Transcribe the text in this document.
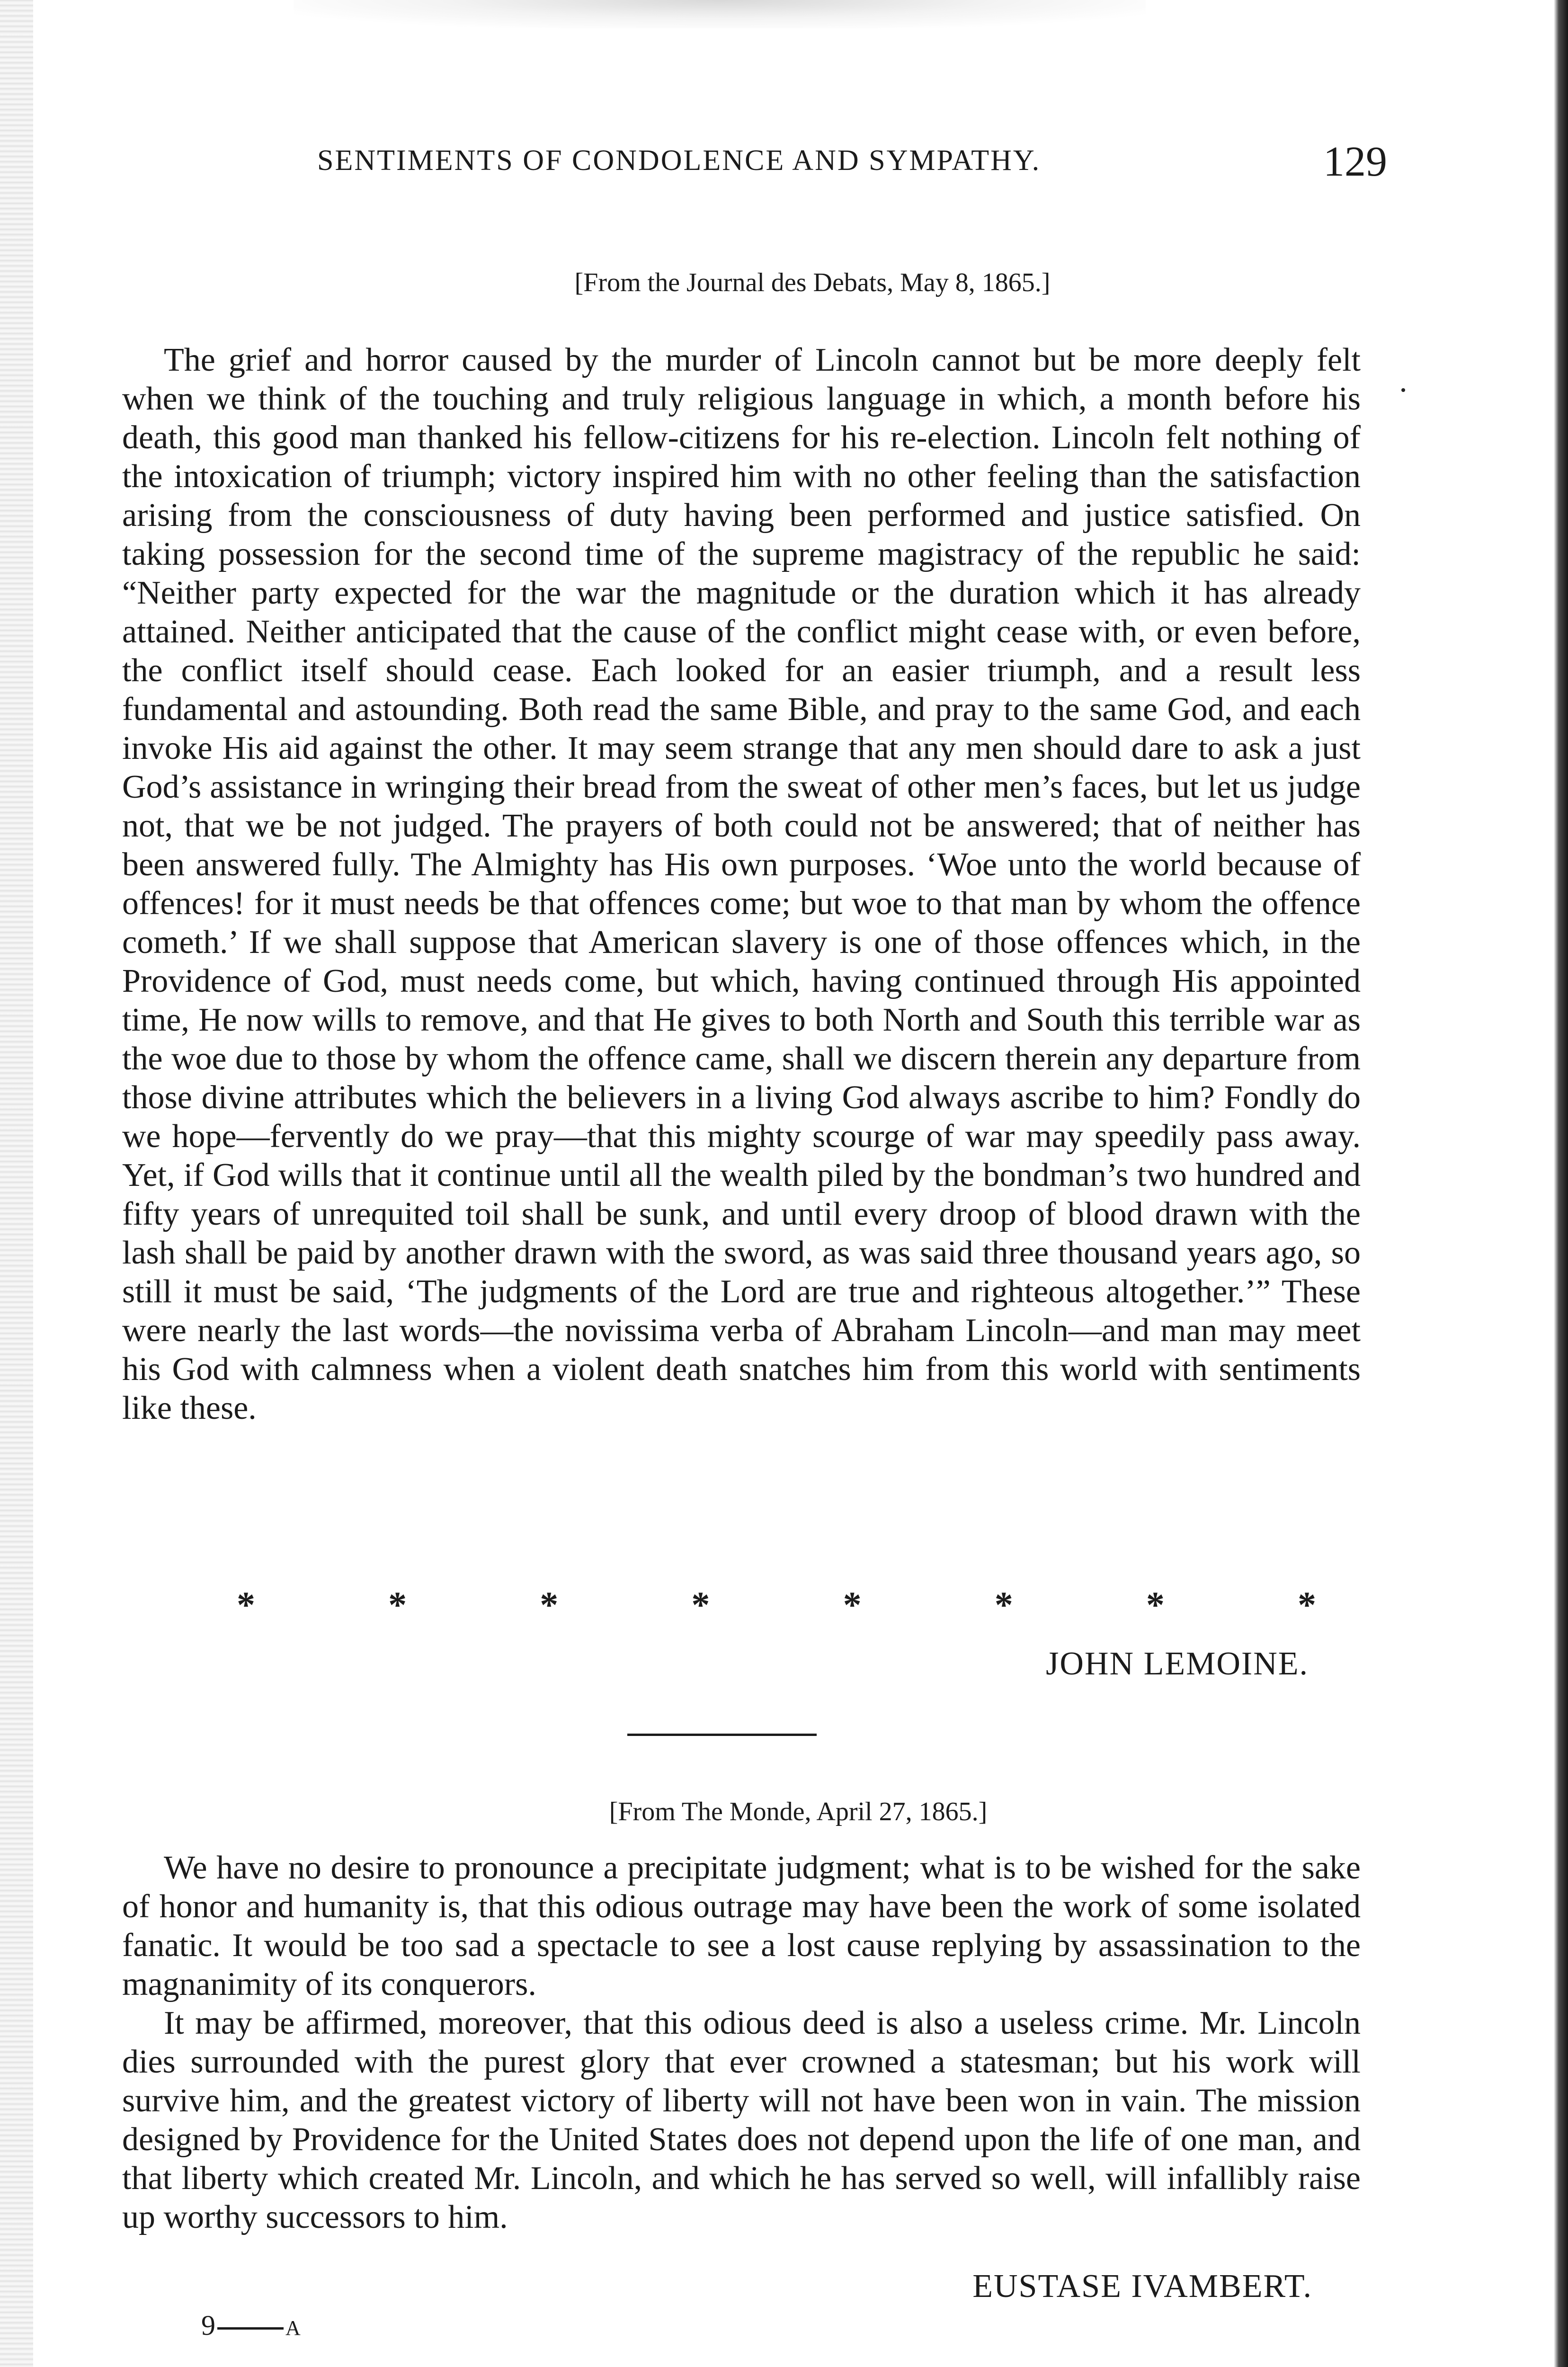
SENTIMENTS OF CONDOLENCE AND SYMPATHY.	129
[From the Journal des Debats, May 8, 1865.]

The grief and horror caused by the murder of Lincoln cannot but be more deeply felt when we think of the touching and truly religious language in which, a month before his death, this good man thanked his fellow-citizens for his re-election. Lincoln felt nothing of the intoxication of triumph; victory inspired him with no other feeling than the satisfaction arising from the consciousness of duty having been performed and justice satisfied. On taking possession for the second time of the supreme magistracy of the republic he said: “Neither party expected for the war the magnitude or the duration which it has already attained. Neither anticipated that the cause of the conflict might cease with, or even before, the conflict itself should cease. Each looked for an easier triumph, and a result less fundamental and astounding. Both read the same Bible, and pray to the same God, and each invoke His aid against the other. It may seem strange that any men should dare to ask a just God’s assistance in wringing their bread from the sweat of other men’s faces, but let us judge not, that we be not judged. The prayers of both could not be answered; that of neither has been answered fully. The Almighty has His own purposes. ‘Woe unto the world because of offences! for it must needs be that offences come; but woe to that man by whom the offence cometh.’ If we shall suppose that American slavery is one of those offences which, in the Providence of God, must needs come, but which, having continued through His appointed time, He now wills to remove, and that He gives to both North and South this terrible war as the woe due to those by whom the offence came, shall we discern therein any departure from those divine attributes which the believers in a living God always ascribe to him? Fondly do we hope—fervently do we pray—that this mighty scourge of war may speedily pass away. Yet, if God wills that it continue until all the wealth piled by the bondman’s two hundred and fifty years of unrequited toil shall be sunk, and until every droop of blood drawn with the lash shall be paid by another drawn with the sword, as was said three thousand years ago, so still it must be said, ‘The judgments of the Lord are true and righteous altogether.’” These were nearly the last words—the novissima verba of Abraham Lincoln—and man may meet his God with calmness when a violent death snatches him from this world with sentiments like these.

*	*	*	*	*	*	*	*
JOHN LEMOINE.
[From The Monde, April 27, 1865.]

We have no desire to pronounce a precipitate judgment; what is to be wished for the sake of honor and humanity is, that this odious outrage may have been the work of some isolated fanatic. It would be too sad a spectacle to see a lost cause replying by assassination to the magnanimity of its conquerors.

It may be affirmed, moreover, that this odious deed is also a useless crime. Mr. Lincoln dies surrounded with the purest glory that ever crowned a statesman; but his work will survive him, and the greatest victory of liberty will not have been won in vain. The mission designed by Providence for the United States does not depend upon the life of one man, and that liberty which created Mr. Lincoln, and which he has served so well, will infallibly raise up worthy successors to him.

EUSTASE IVAMBERT.
9	A
